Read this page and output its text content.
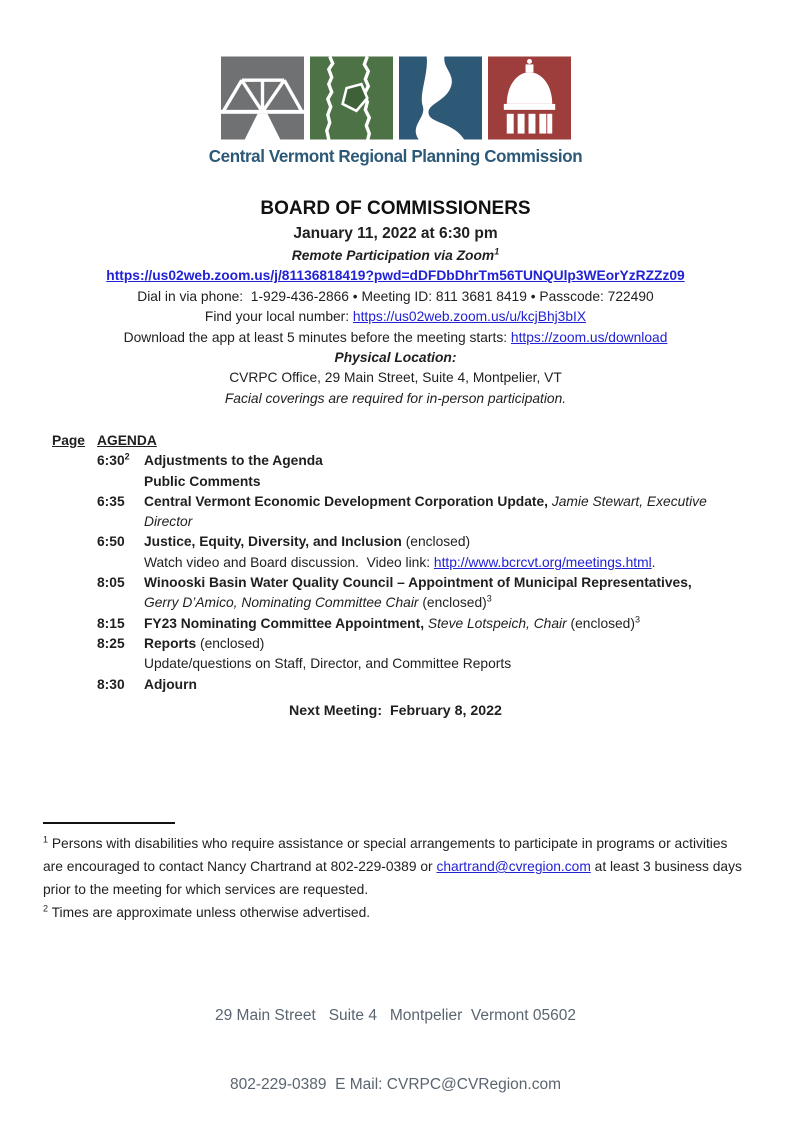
Central Vermont Regional Planning Commission
BOARD OF COMMISSIONERS
January 11, 2022 at 6:30 pm
Remote Participation via Zoom$^1$
https://us02web.zoom.us/j/81136818419?pwd=dDFDbDhrTm56TUNQUlp3WEorYzRZZz09
Dial in via phone:  1-929-436-2866 • Meeting ID: 811 3681 8419 • Passcode: 722490
Find your local number: https://us02web.zoom.us/u/kcjBhj3bIX
Download the app at least 5 minutes before the meeting starts: https://zoom.us/download
Physical Location:
CVRPC Office, 29 Main Street, Suite 4, Montpelier, VT
Facial coverings are required for in-person participation.
Page AGENDA
$6:30^2$	Adjustments to the Agenda
Public Comments
6:35	Central Vermont Economic Development Corporation Update, Jamie Stewart, Executive Director
6:50	Justice, Equity, Diversity, and Inclusion (enclosed)
Watch video and Board discussion.  Video link: http://www.bcrcvt.org/meetings.html.
8:05	Winooski Basin Water Quality Council – Appointment of Municipal Representatives, Gerry D’Amico, Nominating Committee Chair (enclosed)$^3$
8:15	FY23 Nominating Committee Appointment, Steve Lotspeich, Chair (enclosed)$^3$
8:25	Reports (enclosed)
Update/questions on Staff, Director, and Committee Reports
8:30	Adjourn
Next Meeting:  February 8, 2022

$^1$ Persons with disabilities who require assistance or special arrangements to participate in programs or activities are encouraged to contact Nancy Chartrand at 802-229-0389 or chartrand@cvregion.com at least 3 business days prior to the meeting for which services are requested.

$^2$ Times are approximate unless otherwise advertised.

29 Main Street   Suite 4   Montpelier  Vermont 05602

802-229-0389  E Mail: CVRPC@CVRegion.com
